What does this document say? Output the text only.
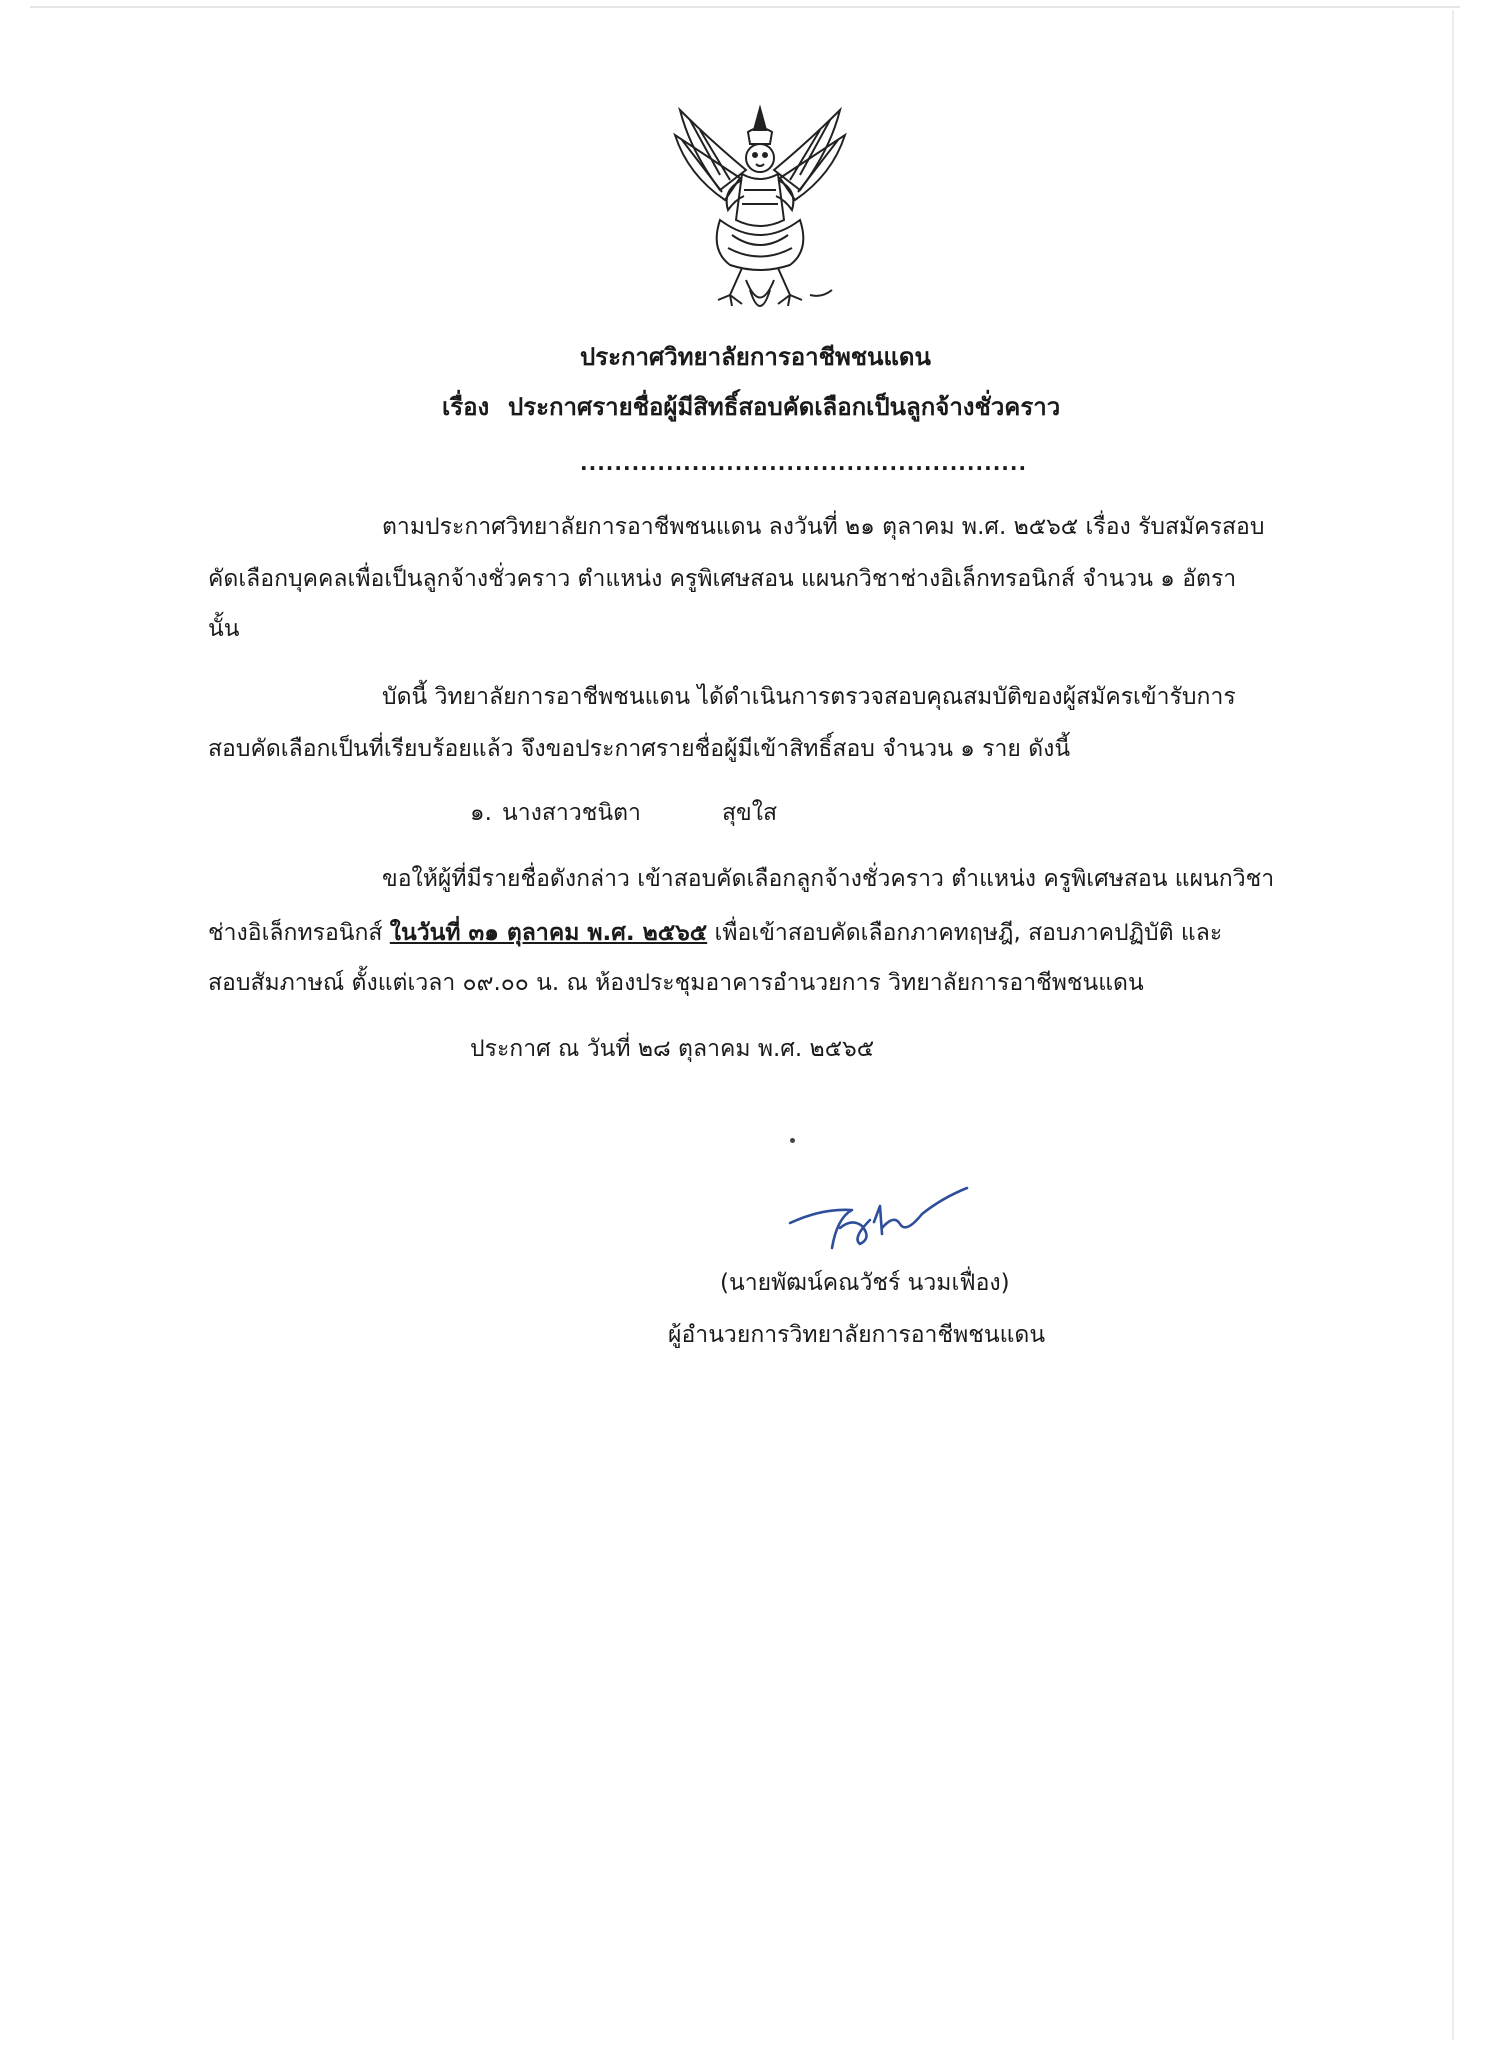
ประกาศวิทยาลัยการอาชีพชนแดน
เรื่อง ประกาศรายชื่อผู้มีสิทธิ์สอบคัดเลือกเป็นลูกจ้างชั่วคราว
....................................................
ตามประกาศวิทยาลัยการอาชีพชนแดน ลงวันที่ ๒๑ ตุลาคม พ.ศ. ๒๕๖๕ เรื่อง รับสมัครสอบ
คัดเลือกบุคคลเพื่อเป็นลูกจ้างชั่วคราว ตำแหน่ง ครูพิเศษสอน แผนกวิชาช่างอิเล็กทรอนิกส์ จำนวน ๑ อัตรา
นั้น
บัดนี้ วิทยาลัยการอาชีพชนแดน ได้ดำเนินการตรวจสอบคุณสมบัติของผู้สมัครเข้ารับการ
สอบคัดเลือกเป็นที่เรียบร้อยแล้ว จึงขอประกาศรายชื่อผู้มีเข้าสิทธิ์สอบ จำนวน ๑ ราย ดังนี้
๑. นางสาวชนิตา	สุขใส
ขอให้ผู้ที่มีรายชื่อดังกล่าว เข้าสอบคัดเลือกลูกจ้างชั่วคราว ตำแหน่ง ครูพิเศษสอน แผนกวิชา
ช่างอิเล็กทรอนิกส์ ในวันที่ ๓๑ ตุลาคม พ.ศ. ๒๕๖๕ เพื่อเข้าสอบคัดเลือกภาคทฤษฎี, สอบภาคปฏิบัติ และ
สอบสัมภาษณ์ ตั้งแต่เวลา ๐๙.๐๐ น. ณ ห้องประชุมอาคารอำนวยการ วิทยาลัยการอาชีพชนแดน
ประกาศ ณ วันที่ ๒๘ ตุลาคม พ.ศ. ๒๕๖๕
(นายพัฒน์คณวัชร์ นวมเฟื่อง)
ผู้อำนวยการวิทยาลัยการอาชีพชนแดน
